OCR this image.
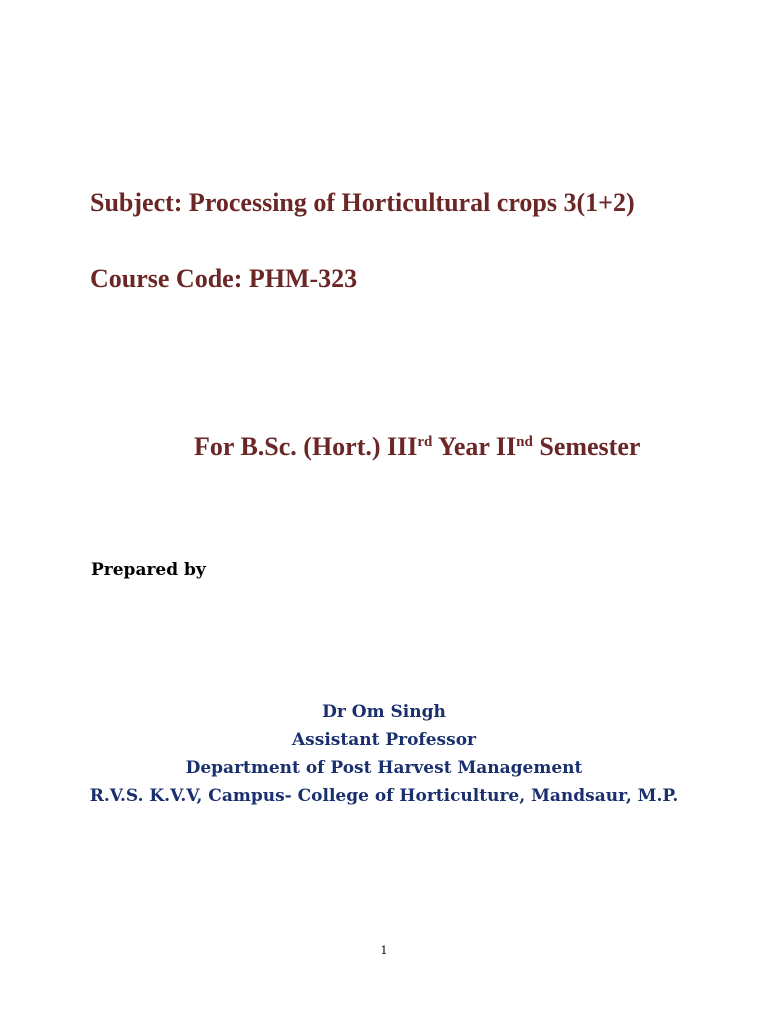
Subject: Processing of Horticultural crops 3(1+2)

Course Code: PHM-323

For B.Sc. (Hort.) IIIrd Year IInd Semester

Prepared by

Dr Om Singh
Assistant Professor
Department of Post Harvest Management
R.V.S. K.V.V, Campus- College of Horticulture, Mandsaur, M.P.
1
